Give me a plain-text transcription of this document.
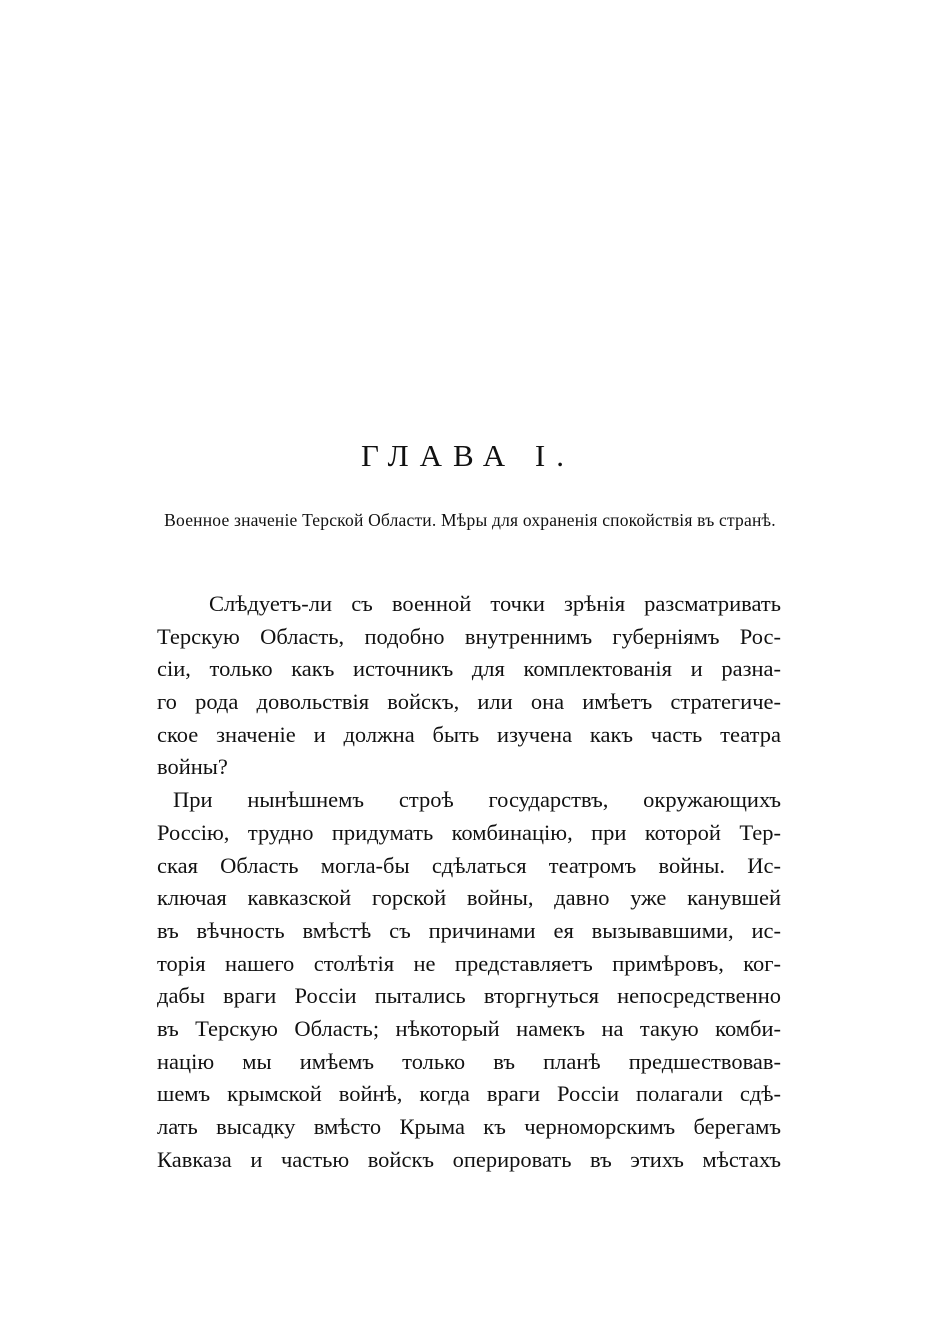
ГЛАВА I.
Военное значеніе Терской Области. Мѣры для охраненія спокойствія въ странѣ.
Слѣдуетъ-ли съ военной точки зрѣнія разсматривать
Терскую Область, подобно внутреннимъ губерніямъ Рос-
сіи, только какъ источникъ для комплектованія и разна-
го рода довольствія войскъ, или она имѣетъ стратегиче-
ское значеніе и должна быть изучена какъ часть театра
войны?
При нынѣшнемъ строѣ государствъ, окружающихъ
Россію, трудно придумать комбинацію, при которой Тер-
ская Область могла-бы сдѣлаться театромъ войны. Ис-
ключая кавказской горской войны, давно уже канувшей
въ вѣчность вмѣстѣ съ причинами ея вызывавшими, ис-
торія нашего столѣтія не представляетъ примѣровъ, ког-
дабы враги Россіи пытались вторгнуться непосредственно
въ Терскую Область; нѣкоторый намекъ на такую комби-
націю мы имѣемъ только въ планѣ предшествовав-
шемъ крымской войнѣ, когда враги Россіи полагали сдѣ-
лать высадку вмѣсто Крыма къ черноморскимъ берегамъ
Кавказа и частью войскъ оперировать въ этихъ мѣстахъ
